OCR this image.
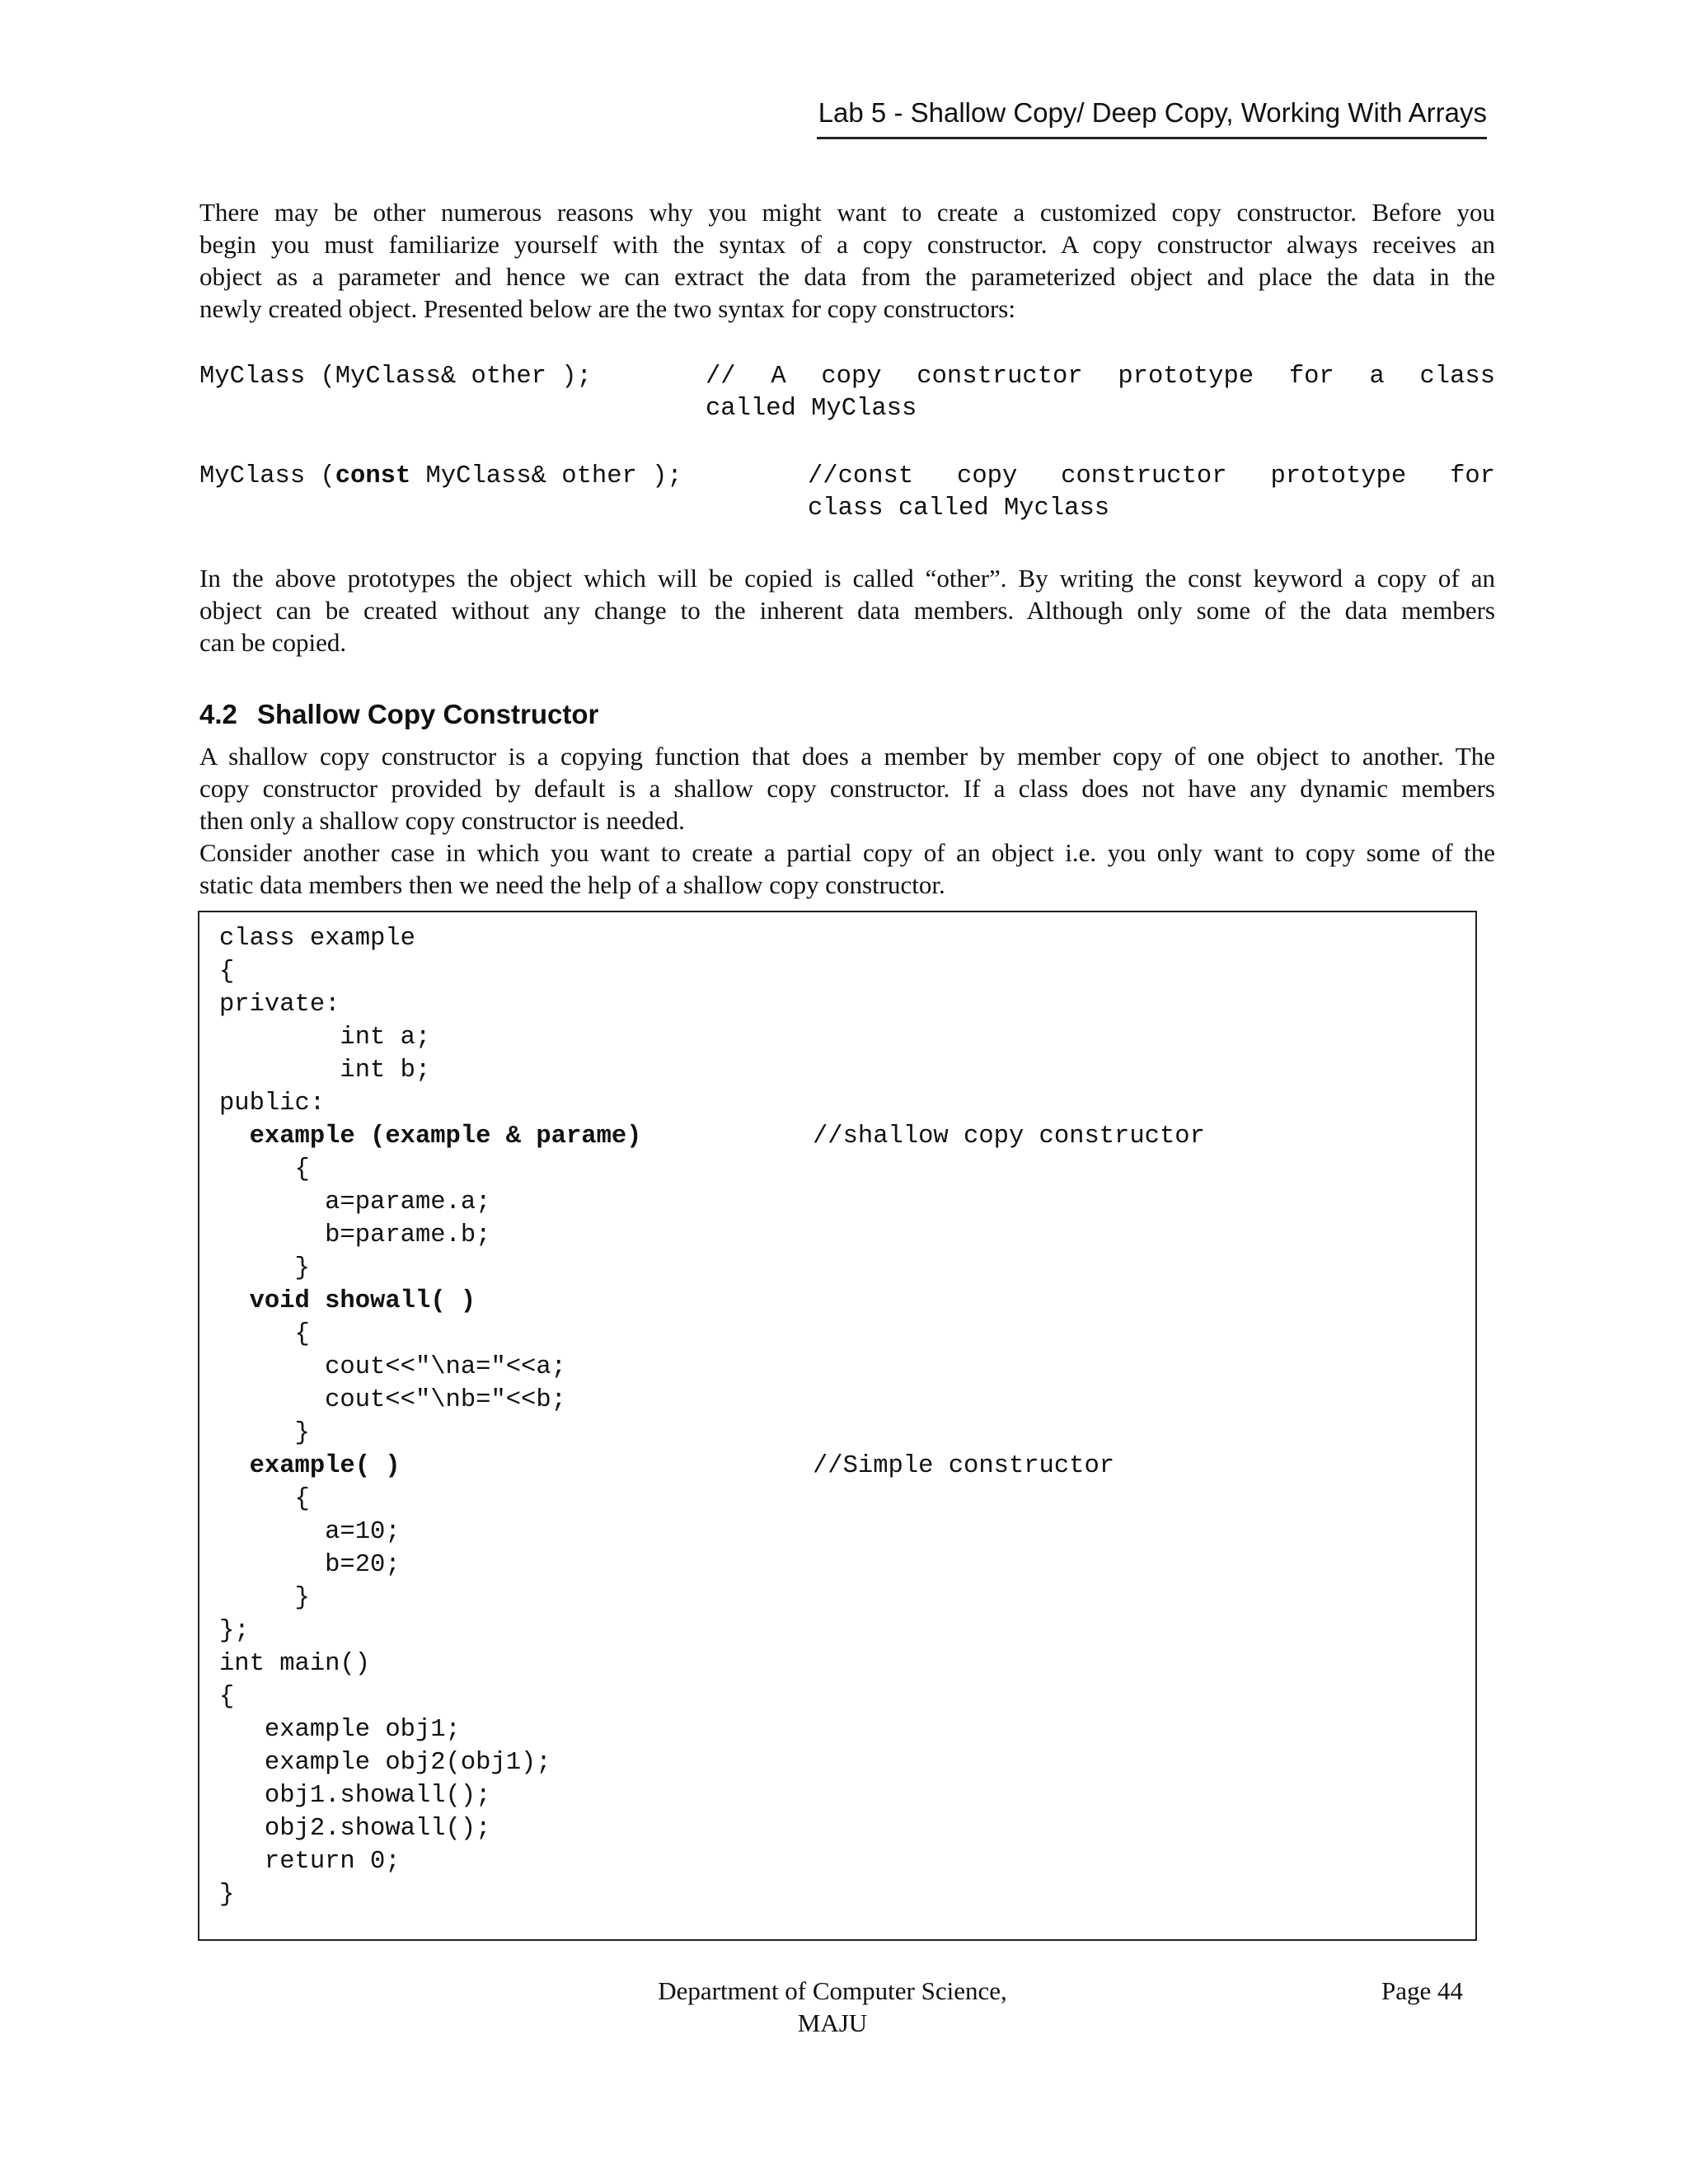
Lab 5 - Shallow Copy/ Deep Copy, Working With Arrays
There may be other numerous reasons why you might want to create a customized copy constructor. Before you
begin you must familiarize yourself with the syntax of a copy constructor. A copy constructor always receives an
object as a parameter and hence we can extract the data from the parameterized object and place the data in the
newly created object. Presented below are the two syntax for copy constructors:
MyClass (MyClass& other );	// A copy constructor prototype for a class
called MyClass
MyClass (const MyClass& other );	//const copy constructor prototype for
class called Myclass
In the above prototypes the object which will be copied is called “other”. By writing the const keyword a copy of an
object can be created without any change to the inherent data members. Although only some of the data members
can be copied.
4.2 Shallow Copy Constructor
A shallow copy constructor is a copying function that does a member by member copy of one object to another. The
copy constructor provided by default is a shallow copy constructor. If a class does not have any dynamic members
then only a shallow copy constructor is needed.
Consider another case in which you want to create a partial copy of an object i.e. you only want to copy some of the
static data members then we need the help of a shallow copy constructor.
class example
{
private:
int a;
int b;
public:
example (example & parame)	//shallow copy constructor
{
a=parame.a;
b=parame.b;
}
void showall( )
{
cout<<"\na="<<a;
cout<<"\nb="<<b;
}
example( )	//Simple constructor
{
a=10;
b=20;
}
};
int main()
{
example obj1;
example obj2(obj1);
obj1.showall();
obj2.showall();
return 0;
}
Department of Computer Science,
MAJU
Page 44
